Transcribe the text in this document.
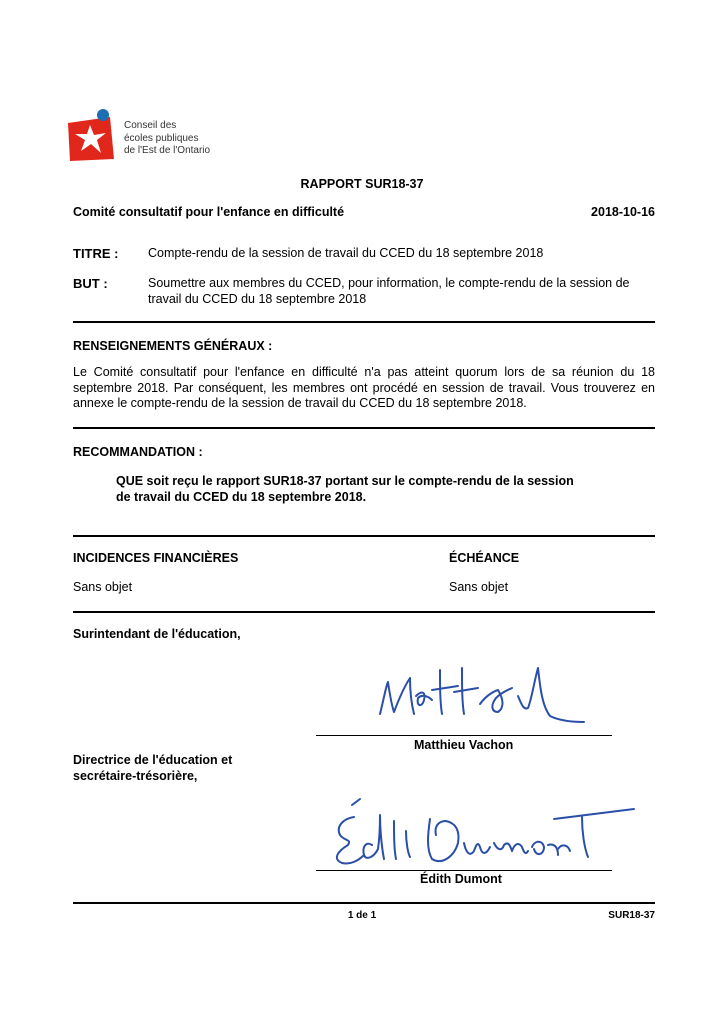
Conseil des
écoles publiques
de l'Est de l'Ontario
RAPPORT SUR18-37
Comité consultatif pour l'enfance en difficulté	2018-10-16
TITRE : Compte-rendu de la session de travail du CCED du 18 septembre 2018
BUT :	Soumettre aux membres du CCED, pour information, le compte-rendu de la session de
travail du CCED du 18 septembre 2018
RENSEIGNEMENTS GÉNÉRAUX :
Le Comité consultatif pour l'enfance en difficulté n'a pas atteint quorum lors de sa réunion du 18 septembre 2018. Par conséquent, les membres ont procédé en session de travail. Vous trouverez en annexe le compte-rendu de la session de travail du CCED du 18 septembre 2018.
RECOMMANDATION :
QUE soit reçu le rapport SUR18-37 portant sur le compte-rendu de la session
de travail du CCED du 18 septembre 2018.
INCIDENCES FINANCIÈRES
Sans objet
ÉCHÉANCE
Sans objet
Surintendant de l'éducation,
Matthieu Vachon
Directrice de l'éducation et
secrétaire-trésorière,
Édith Dumont
1 de 1	SUR18-37
